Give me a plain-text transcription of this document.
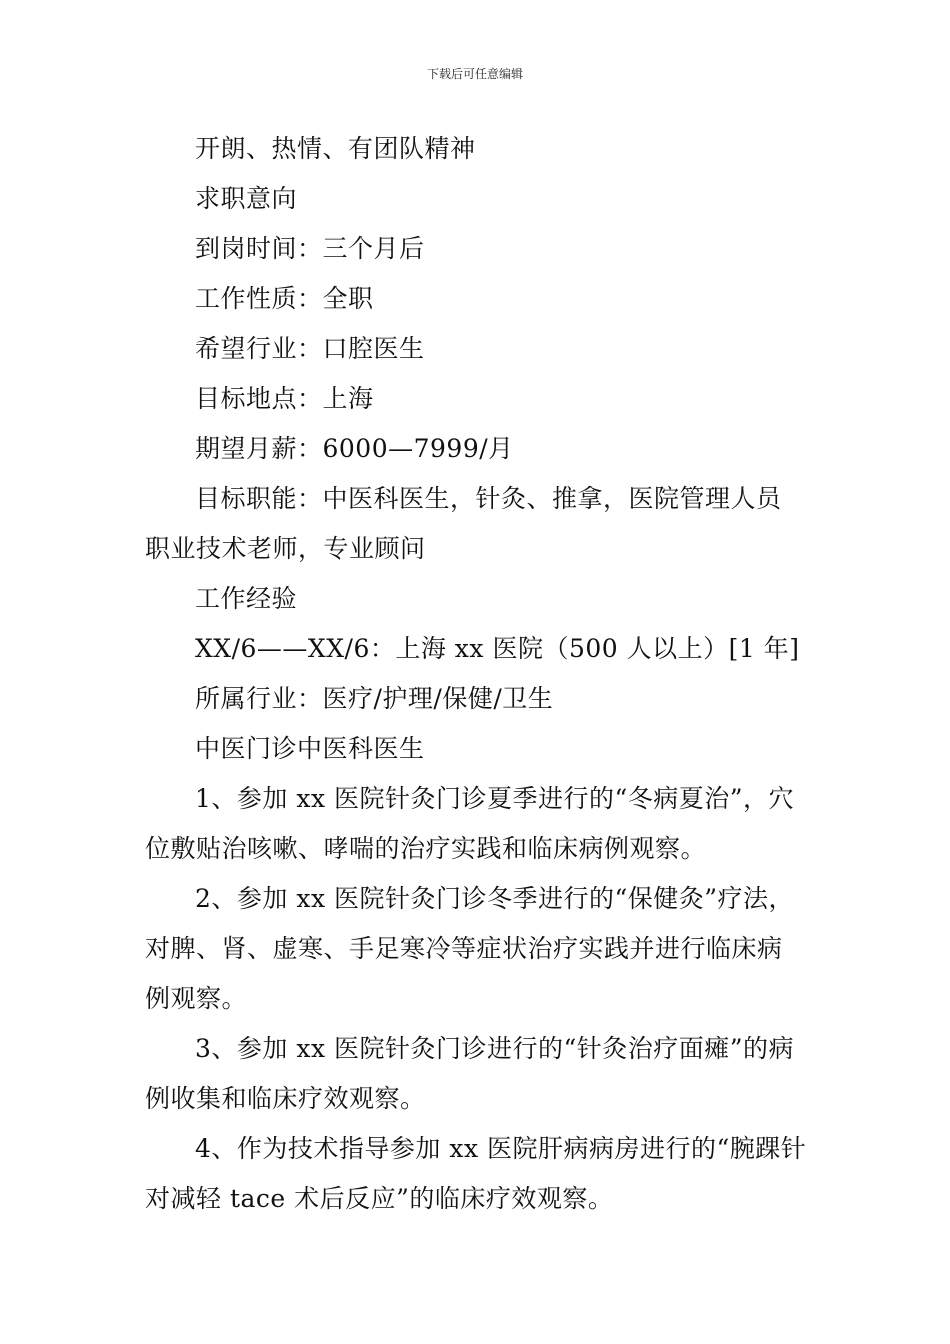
下载后可任意编辑
开朗、热情、有团队精神
求职意向
到岗时间：三个月后
工作性质：全职
希望行业：口腔医生
目标地点：上海
期望月薪：6000—7999/月
目标职能：中医科医生，针灸、推拿，医院管理人员
职业技术老师，专业顾问
工作经验
XX/6——XX/6：上海 xx 医院（500 人以上）[1 年]
所属行业：医疗/护理/保健/卫生
中医门诊中医科医生
1、参加 xx 医院针灸门诊夏季进行的“冬病夏治”，穴
位敷贴治咳嗽、哮喘的治疗实践和临床病例观察。
2、参加 xx 医院针灸门诊冬季进行的“保健灸”疗法，
对脾、肾、虚寒、手足寒冷等症状治疗实践并进行临床病
例观察。
3、参加 xx 医院针灸门诊进行的“针灸治疗面瘫”的病
例收集和临床疗效观察。
4、作为技术指导参加 xx 医院肝病病房进行的“腕踝针
对减轻 tace 术后反应”的临床疗效观察。
